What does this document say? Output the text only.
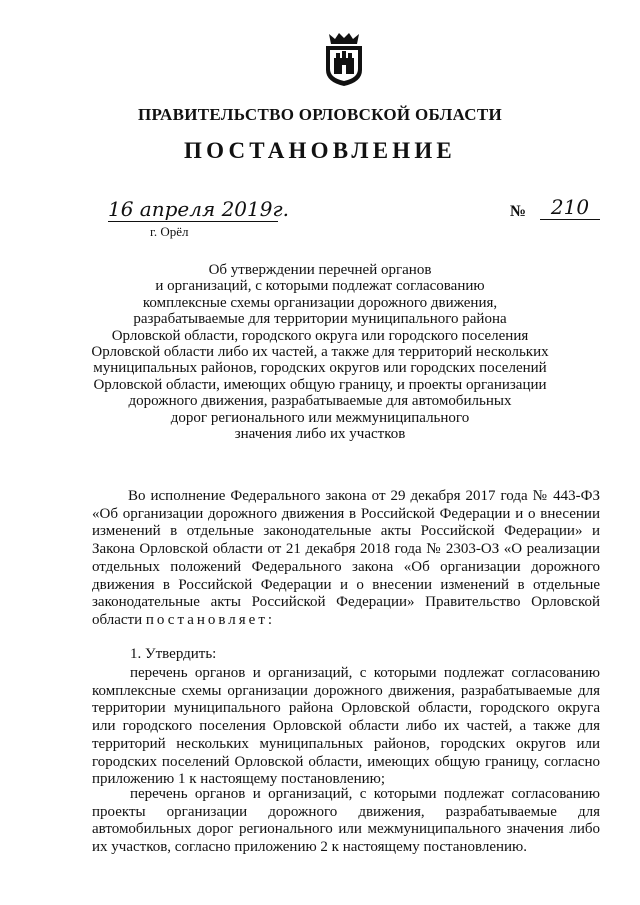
ПРАВИТЕЛЬСТВО ОРЛОВСКОЙ ОБЛАСТИ
ПОСТАНОВЛЕНИЕ
16 апреля 2019г.
г. Орёл
№	210
Об утверждении перечней органов
и организаций, с которыми подлежат согласованию
комплексные схемы организации дорожного движения,
разрабатываемые для территории муниципального района
Орловской области, городского округа или городского поселения
Орловской области либо их частей, а также для территорий нескольких
муниципальных районов, городских округов или городских поселений
Орловской области, имеющих общую границу, и проекты организации
дорожного движения, разрабатываемые для автомобильных
дорог регионального или межмуниципального
значения либо их участков
Во исполнение Федерального закона от 29 декабря 2017 года № 443-ФЗ «Об организации дорожного движения в Российской Федерации и о внесении изменений в отдельные законодательные акты Российской Федерации» и Закона Орловской области от 21 декабря 2018 года № 2303-ОЗ «О реализации отдельных положений Федерального закона «Об организации дорожного движения в Российской Федерации и о внесении изменений в отдельные законодательные акты Российской Федерации» Правительство Орловской области постановляет:
1. Утвердить:
перечень органов и организаций, с которыми подлежат согласованию комплексные схемы организации дорожного движения, разрабатываемые для территории муниципального района Орловской области, городского округа или городского поселения Орловской области либо их частей, а также для территорий нескольких муниципальных районов, городских округов или городских поселений Орловской области, имеющих общую границу, согласно приложению 1 к настоящему постановлению;
перечень органов и организаций, с которыми подлежат согласованию проекты организации дорожного движения, разрабатываемые для автомобильных дорог регионального или межмуниципального значения либо их участков, согласно приложению 2 к настоящему постановлению.
